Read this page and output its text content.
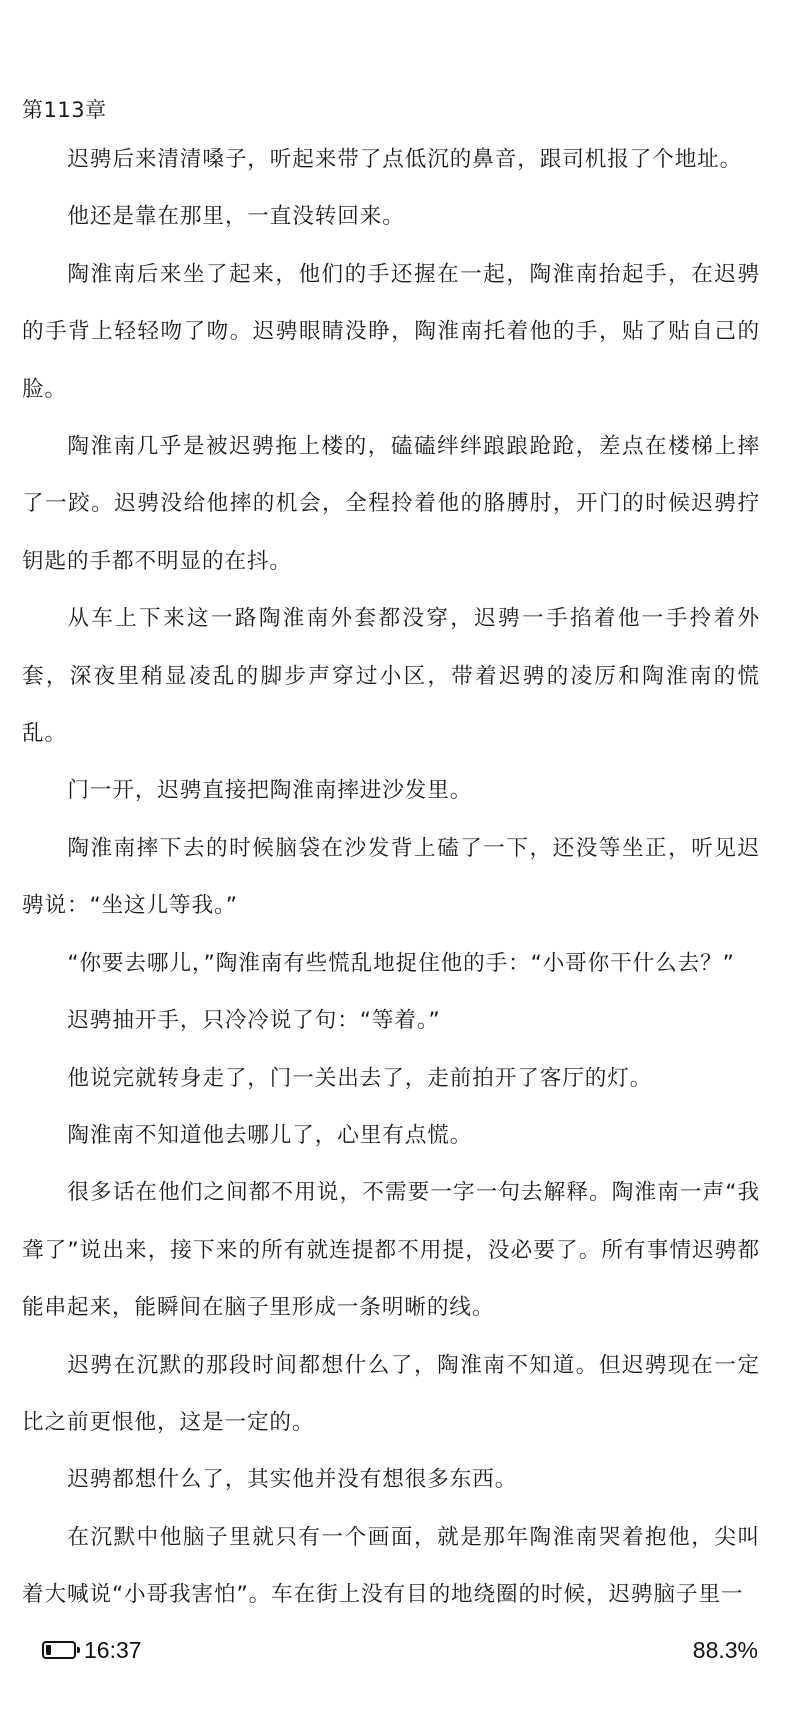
第113章

迟骋后来清清嗓子，听起来带了点低沉的鼻音，跟司机报了个地址。

他还是靠在那里，一直没转回来。

陶淮南后来坐了起来，他们的手还握在一起，陶淮南抬起手，在迟骋的手背上轻轻吻了吻。迟骋眼睛没睁，陶淮南托着他的手，贴了贴自己的脸。

陶淮南几乎是被迟骋拖上楼的，磕磕绊绊踉踉跄跄，差点在楼梯上摔了一跤。迟骋没给他摔的机会，全程拎着他的胳膊肘，开门的时候迟骋拧钥匙的手都不明显的在抖。

从车上下来这一路陶淮南外套都没穿，迟骋一手掐着他一手拎着外套，深夜里稍显凌乱的脚步声穿过小区，带着迟骋的凌厉和陶淮南的慌乱。

门一开，迟骋直接把陶淮南摔进沙发里。

陶淮南摔下去的时候脑袋在沙发背上磕了一下，还没等坐正，听见迟骋说：“坐这儿等我。”

“你要去哪儿，”陶淮南有些慌乱地捉住他的手：“小哥你干什么去？”

迟骋抽开手，只冷冷说了句：“等着。”

他说完就转身走了，门一关出去了，走前拍开了客厅的灯。

陶淮南不知道他去哪儿了，心里有点慌。

很多话在他们之间都不用说，不需要一字一句去解释。陶淮南一声“我聋了”说出来，接下来的所有就连提都不用提，没必要了。所有事情迟骋都能串起来，能瞬间在脑子里形成一条明晰的线。

迟骋在沉默的那段时间都想什么了，陶淮南不知道。但迟骋现在一定比之前更恨他，这是一定的。

迟骋都想什么了，其实他并没有想很多东西。

在沉默中他脑子里就只有一个画面，就是那年陶淮南哭着抱他，尖叫着大喊说“小哥我害怕”。车在街上没有目的地绕圈的时候，迟骋脑子里一

16:37	88.3%
